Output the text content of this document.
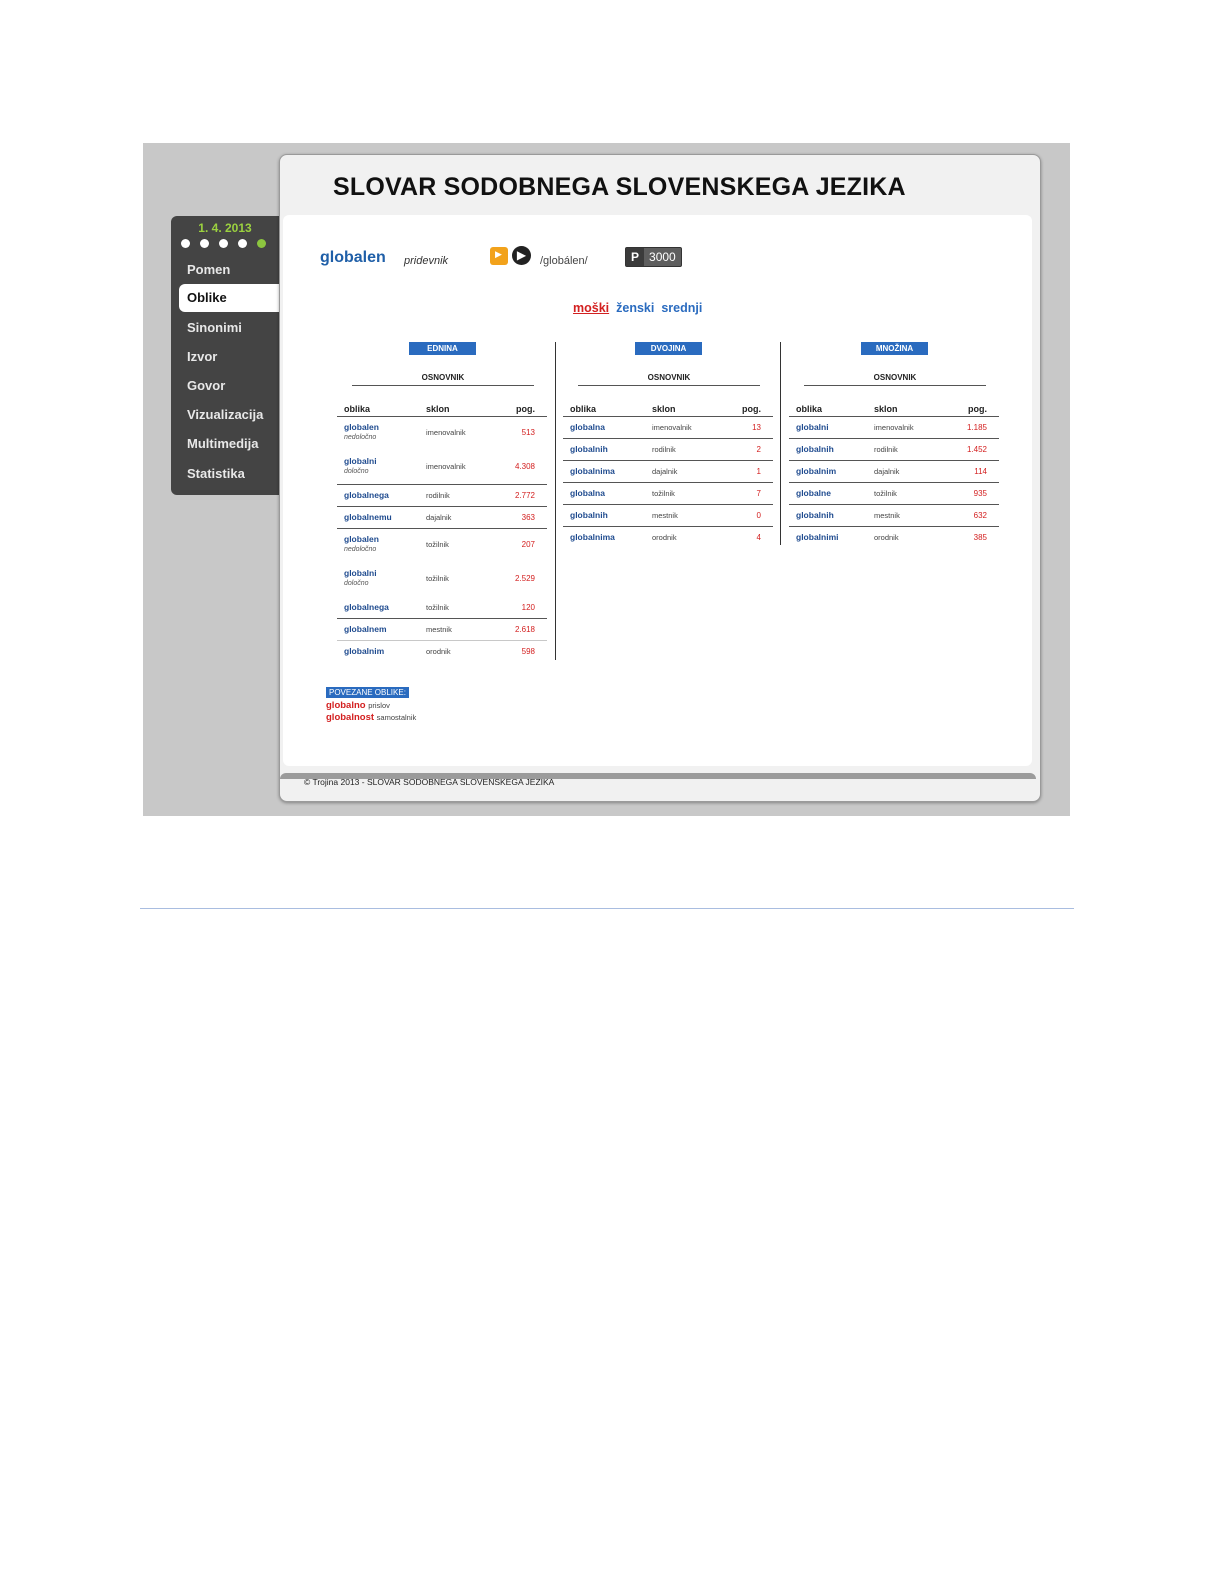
1. 4. 2013
Pomen
Oblike
Sinonimi
Izvor
Govor
Vizualizacija
Multimedija
Statistika
SLOVAR SODOBNEGA SLOVENSKEGA JEZIKA
globalen pridevnik
▶	▶	/globálen/	P 3000
moški ženski srednji
EDNINA
OSNOVNIK
oblika	sklon	pog.
globalen
nedoločno
imenovalnik	513
globalni
določno
imenovalnik	4.308
globalnega	rodilnik	2.772
globalnemu	dajalnik	363
globalen
nedoločno
tožilnik	207
globalni
določno
tožilnik	2.529
globalnega	tožilnik	120
globalnem	mestnik	2.618
globalnim	orodnik	598
DVOJINA
OSNOVNIK
oblika	sklon	pog.
globalna	imenovalnik	13
globalnih	rodilnik	2
globalnima	dajalnik	1
globalna	tožilnik	7
globalnih	mestnik	0
globalnima	orodnik	4
MNOŽINA
OSNOVNIK
oblika	sklon	pog.
globalni	imenovalnik	1.185
globalnih	rodilnik	1.452
globalnim	dajalnik	114
globalne	tožilnik	935
globalnih	mestnik	632
globalnimi	orodnik	385
POVEZANE OBLIKE:
globalno prislov
globalnost samostalnik
© Trojina 2013 - SLOVAR SODOBNEGA SLOVENSKEGA JEZIKA
